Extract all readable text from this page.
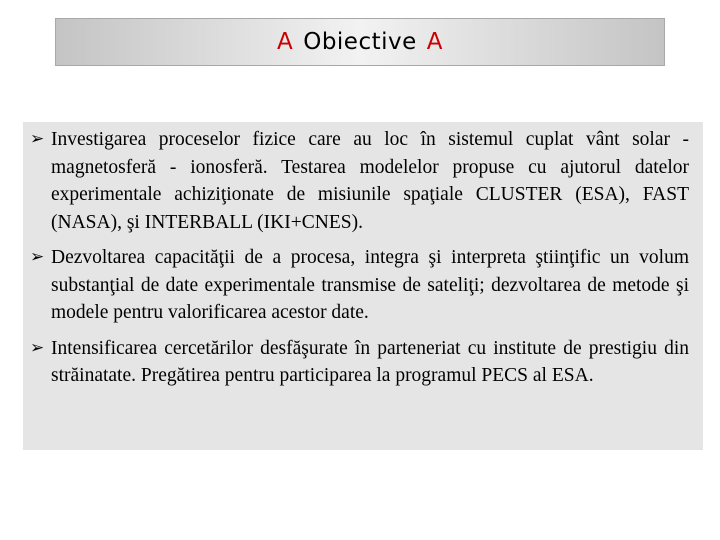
A Obiective A
➢ Investigarea proceselor fizice care au loc în sistemul cuplat vânt solar - magnetosferă - ionosferă. Testarea modelelor propuse cu ajutorul datelor experimentale achiziţionate de misiunile spaţiale CLUSTER (ESA), FAST (NASA), şi INTERBALL (IKI+CNES).
➢ Dezvoltarea capacităţii de a procesa, integra şi interpreta ştiinţific un volum substanţial de date experimentale transmise de sateliţi; dezvoltarea de metode şi modele pentru valorificarea acestor date.
➢ Intensificarea cercetărilor desfăşurate în parteneriat cu institute de prestigiu din străinatate. Pregătirea pentru participarea la programul PECS al ESA.
